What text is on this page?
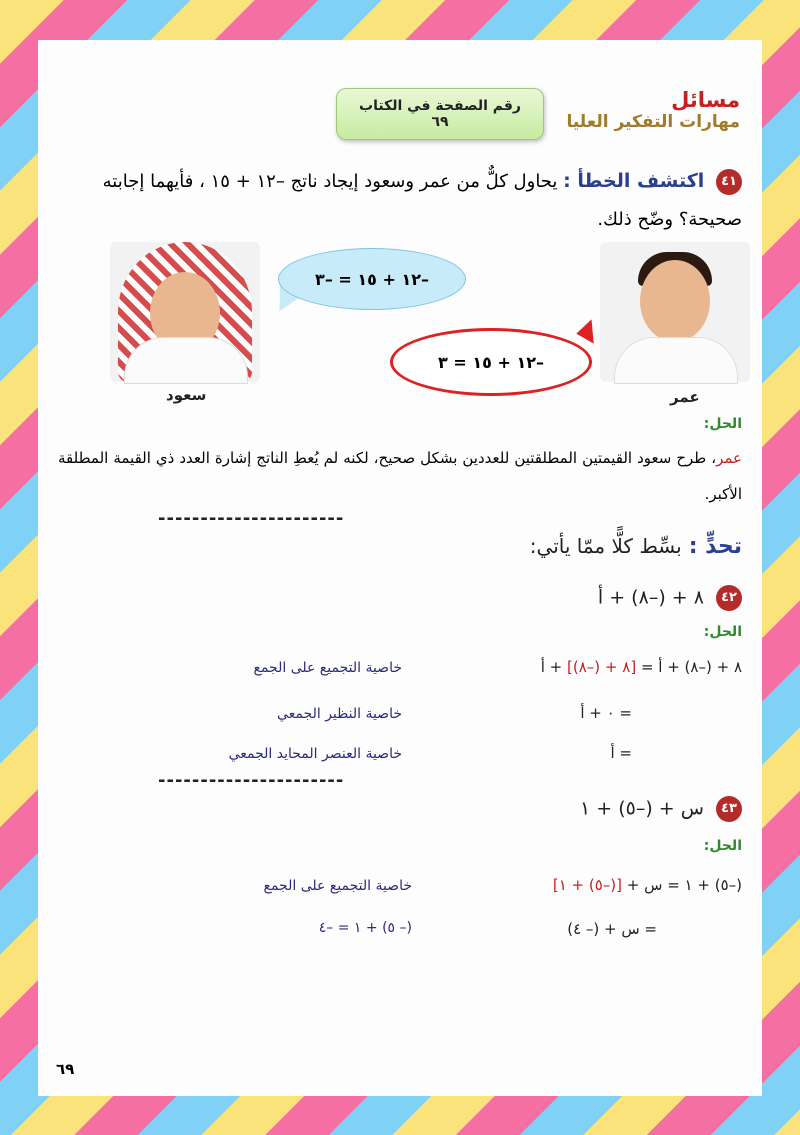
مسائل
مهارات التفكير العليا
رقم الصفحة في الكتاب
٦٩
٤١ اكتشف الخطأ : يحاول كلٌّ من عمر وسعود إيجاد ناتج –١٢ + ١٥ ، فأيهما إجابته صحيحة؟ وضّح ذلك.
سعود
–١٢ + ١٥ = –٣
–١٢ + ١٥ = ٣
عمر
الحل:
عمر، طرح سعود القيمتين المطلقتين للعددين بشكل صحيح، لكنه لم يُعطِ الناتج إشارة العدد ذي القيمة المطلقة الأكبر.
----------------------
تحدٍّ : بسِّط كلًّا ممّا يأتي:
٤٢ ٨ + (–٨) + أ
الحل:
٨ + (–٨) + أ = [٨ + (–٨)] + أ
خاصية التجميع على الجمع
= ٠ + أ
خاصية النظير الجمعي
= أ
خاصية العنصر المحايد الجمعي
----------------------
٤٣ س + (–٥) + ١
الحل:
(–٥) + ١ = س + [(–٥) + ١]
خاصية التجميع على الجمع
= س + (– ٤)
(– ٥) + ١ = –٤
٦٩
